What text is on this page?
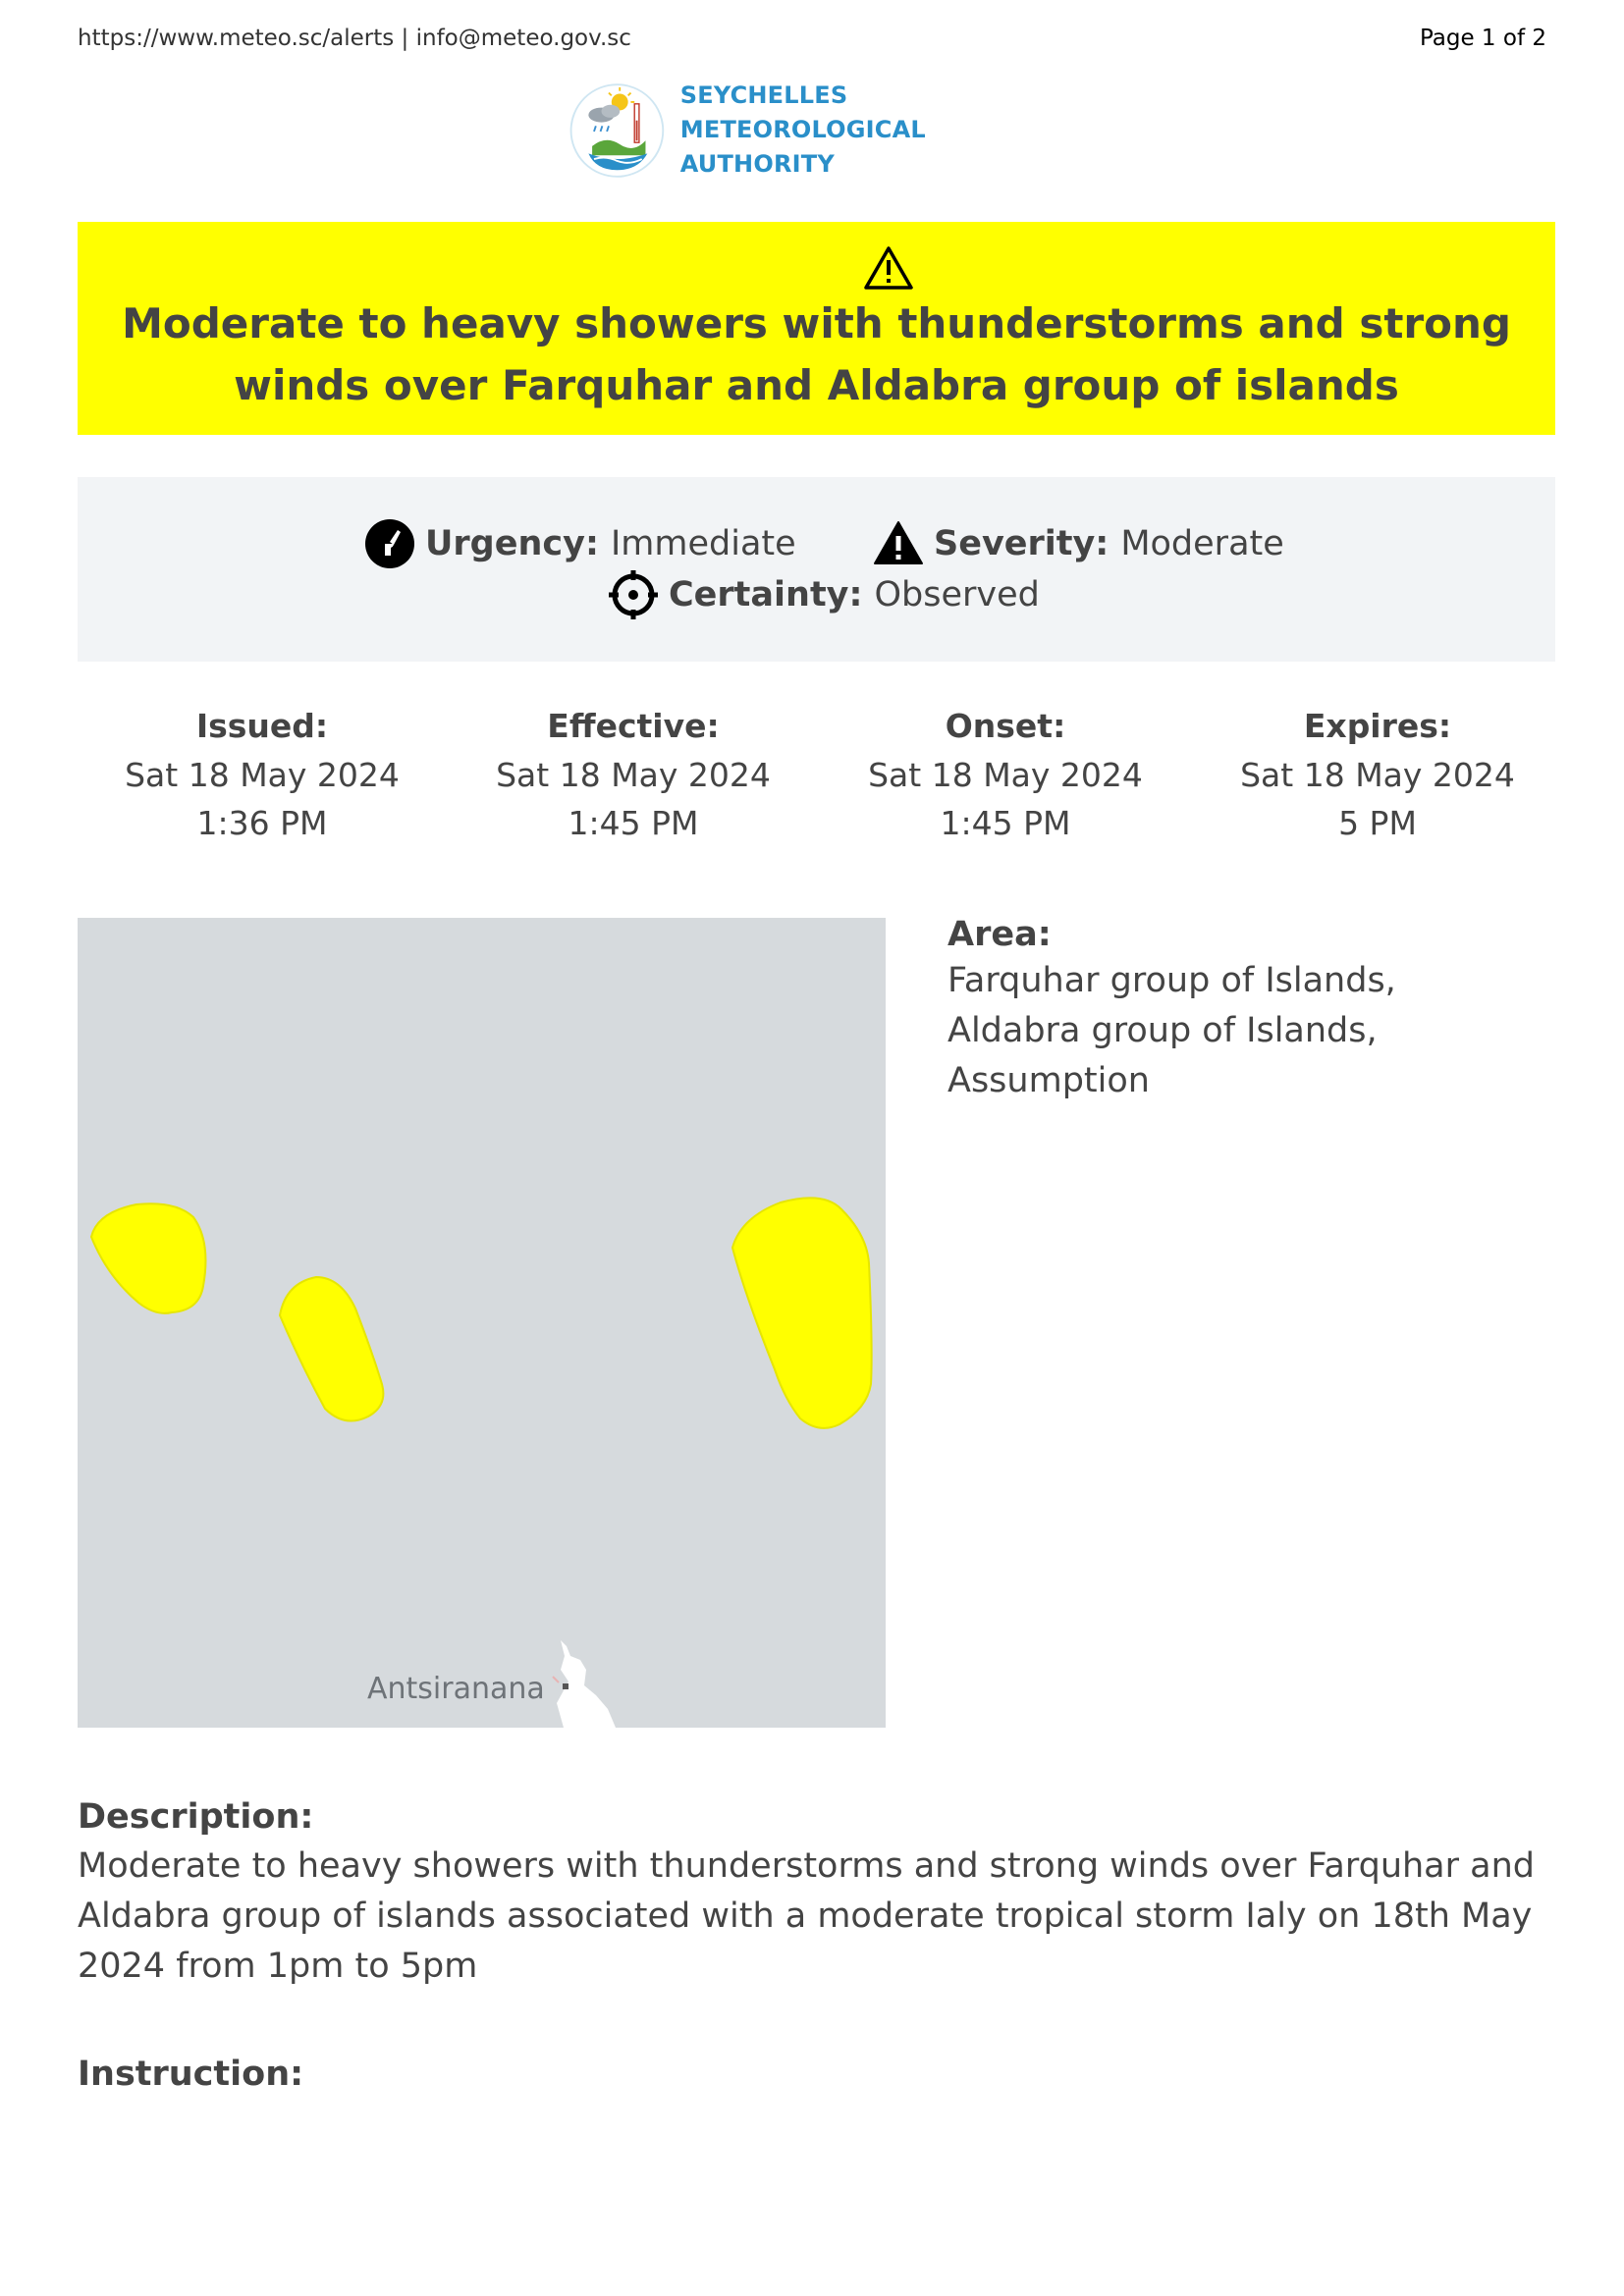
https://www.meteo.sc/alerts | info@meteo.gov.sc	Page 1 of 2
SEYCHELLES METEOROLOGICAL
AUTHORITY
Moderate to heavy showers with thunderstorms and strong winds over Farquhar and Aldabra group of islands
Urgency: Immediate	Severity: Moderate
Certainty: Observed
Issued:
Sat 18 May 2024
1:36 PM
Effective:
Sat 18 May 2024
1:45 PM
Onset:
Sat 18 May 2024
1:45 PM
Expires:
Sat 18 May 2024
5 PM
Antsiranana
Area:
Farquhar group of Islands, Aldabra group of Islands, Assumption
Description:
Moderate to heavy showers with thunderstorms and strong winds over Farquhar and Aldabra group of islands associated with a moderate tropical storm Ialy on 18th May 2024 from 1pm to 5pm
Instruction:
